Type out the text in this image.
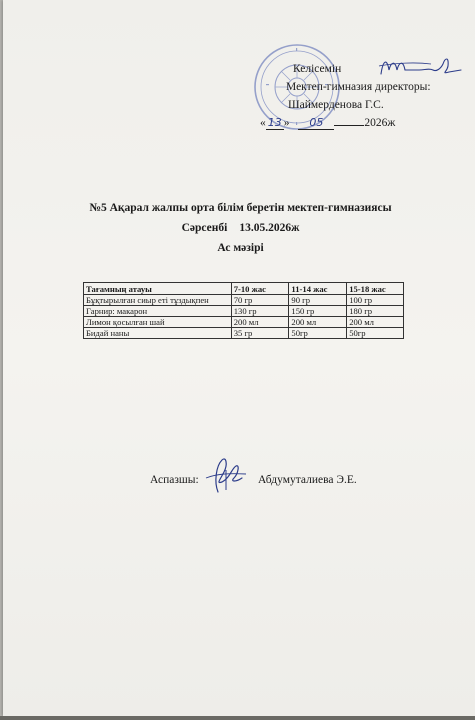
Келісемін
Мектеп-гимназия директоры:
Шаймерденова Г.С.
« 13 » 05	2026ж
№5 Ақарал жалпы орта білім беретін мектеп-гимназиясы
Сәрсенбі 13.05.2026ж
Ас мәзірі
Тағамның атауы	7-10 жас	11-14 жас	15-18 жас
Бұқтырылған сиыр еті тұздықпен	70 гр	90 гр	100 гр
Гарнир: макарон	130 гр	150 гр	180 гр
Лимон қосылған шай	200 мл	200 мл	200 мл
Бидай наны	35 гр	50гр	50гр
Аспазшы:	Абдумуталиева Э.Е.
